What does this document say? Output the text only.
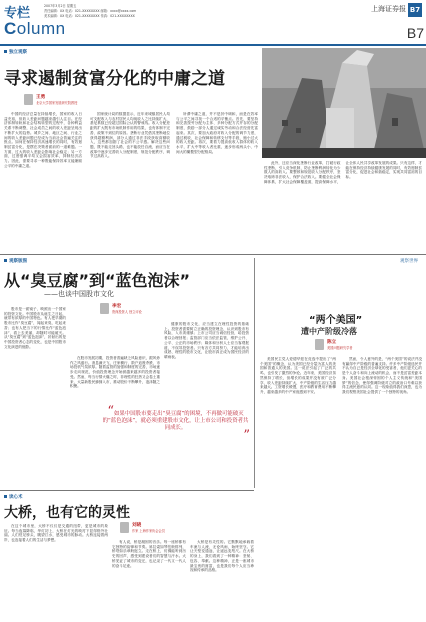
专栏
Column
2007年3月2日 星期五
责任编辑：XX 电话：021-XXXXXXXX 邮箱：xxxx@xxxx.com
美术编辑：XX 电话：021-XXXXXXXX 传真：021-XXXXXXXX
上海证券报 B7
B7
独立观察
寻求遏制贫富分化的中庸之道
王勇
北京大学国家发展研究院教授

中国的经济总量在持续增长，国家的收入日益充裕，但收入差距问题越来越引人注目。在经济体制转轨和社会结构转型的过程中，各种利益关系不断调整，社会成员之间的收入差距呈现出不断扩大的趋势。城乡之间、地区之间、行业之间的收入差距问题已经成为当前社会普遍关注的焦点。如何在保持经济高速增长的同时，有效遏制贫富分化，是摆在决策者面前的一道难题。一方面，过大的收入差距会影响社会稳定；另一方面，过度强调平均又会损害效率，抑制经济活力。因此，需要寻求一种既能保持效率又能兼顾公平的中庸之道。

国家统计局的数据显示，近年来城镇居民人均可支配收入与农村居民人均纯收入之比持续扩大，基尼系数已经超过国际公认的警戒线。收入分配差距的扩大既有市场机制作用的结果，也有体制不完善、政策不到位的原因。垄断行业凭借其垄断地位获得超额利润，部分人通过非法手段获取高额收入，这些都加剧了社会的不公平感。解决这些问题，既不能走回头路，也不能放任自流，而应当在改革中逐步完善收入分配制度，规范分配秩序，调节过高收入。

所谓中庸之道，并不是折中调和，而是在效率与公平之间寻找一个合适的平衡点。首先，要坚持和完善按劳分配为主体、多种分配方式并存的分配制度，鼓励一部分人通过诚实劳动和合法经营先富起来。其次，要加大政府对收入分配的调节力度，通过税收、社会保障和转移支付等手段，缩小过大的收入差距。再次，要着力提高低收入群体的收入水平，扩大中等收入者比重，逐步形成两头小、中间大的橄榄型分配格局。

此外，还应当深化垄断行业改革，打破行政性垄断，引入竞争机制，防止垄断利润转化为少数人的高收入。要整顿和规范收入分配秩序，坚决取缔非法收入，保护合法收入。要健全社会保障体系，扩大社会保障覆盖面，提高保障水平，让全体人民共享改革发展的成果。只有这样，才能在保持经济持续健康发展的同时，有效遏制贫富分化，促进社会和谐稳定，实现共同富裕的目标。

观察版图	观察世界
从“臭豆腐”到“蓝色泡沫”
——也谈中国股市文化
李宏
资深投资人 独立评论

股市是一面镜子，映照出一个国家的投资文化。中国股市从诞生之日起，就带有浓厚的中国特色。有人把早期的股市比作“臭豆腐”，闻起来臭，吃起来香；也有人把当下的行情比作“蓝色泡沫”，看上去美丽，却随时可能破灭。从“臭豆腐”到“蓝色泡沫”，折射出的是中国投资者心态的变化，也是中国股市文化演进的缩影。

在股市发展初期，投资者普遍缺乏风险意识，跟风炒作之风盛行。消息满天飞，庄家横行，散户追涨杀跌，市场投机气氛浓厚。随着监管的加强和制度的完善，市场逐步走向规范，价值投资理念开始被越来越多的投资者接受。然而，每当行情火爆之时，非理性的狂热又会卷土重来，大量新股民蜂拥入市，推动股价不断攀升，泡沫随之积聚。

健康的股市文化，应当建立在理性投资的基础上。投资者需要树立正确的投资理念，认识到股市有风险，入市须谨慎；上市公司应当诚信经营，给投资者以合理回报；监管部门应当依法监管，维护公开、公平、公正的市场秩序；媒体和分析人士应当客观报道，不误导投资者。只有各方共同努力，才能培育出成熟、理性的股市文化，让股市真正成为国民经济的晴雨表。

“如果中国股市要走出“臭豆腐”的困境，不再做可能破灭的“蓝色泡沫”，就必须重建股市文化，让上市公司和投资者共同成长。	”
“两个美国”
遭中产阶级冷落
陈立
美国问题研究学者

美国民主党人爱德华兹在竞选中提出了“两个美国”的概念，认为美国已经分裂为富人的美国和普通人的美国。这一说法引起了广泛的共鸣，也引发了激烈的争论。近年来，美国经济虽然保持了增长，但增长的成果并没有被广泛分享，收入差距持续扩大，中产阶级的生活压力越来越大。工资增长缓慢，医疗和教育费用不断攀升，越来越多的中产家庭感到不安。

然而，令人意外的是，“两个美国”的说法并没有赢得中产阶级的普遍支持。许多中产阶级选民并不认为自己是经济全球化的受害者，他们更关心的是个人奋斗和向上流动的机会，而不是贫富差距本身。美国社会根深蒂固的个人主义传统和“美国梦”的信念，使得强调阶级对立的政治口号难以获得主流民意的认同。这一现象值得我们深思，也为我们观察美国社会提供了一个独特的视角。

读心术
大桥，也有它的灵性
刘晓
作家 上海作家协会会员

在这个城市里，大桥不仅仅是交通的纽带，更是城市的象征。每当夜幕降临，华灯初上，大桥在灯光的映衬下显得格外壮丽。人们驻足桥头，眺望江水，感受城市的脉动。大桥连接着两岸，也连接着人们的生活与梦想。	有人说，桥是凝固的音乐。每一座桥都有它独特的韵律和节奏。斜拉索如琴弦般排列，桥塔如乐章般挺立。走在桥上，仿佛能听到历史的回声，感受到建设者们的智慧与汗水。大桥见证了城市的变迁，也记录了一代又一代人的奋斗足迹。

大桥是有灵性的。它默默地承载着车流与人流，无论风雨，始终坚守。它让天堑变通途，让遥远变咫尺。在大桥的身上，我们看到了一种精神：坚韧、包容、奉献。这种精神，正是一座城市最宝贵的财富，也是我们每个人应当珍视和传承的品格。
